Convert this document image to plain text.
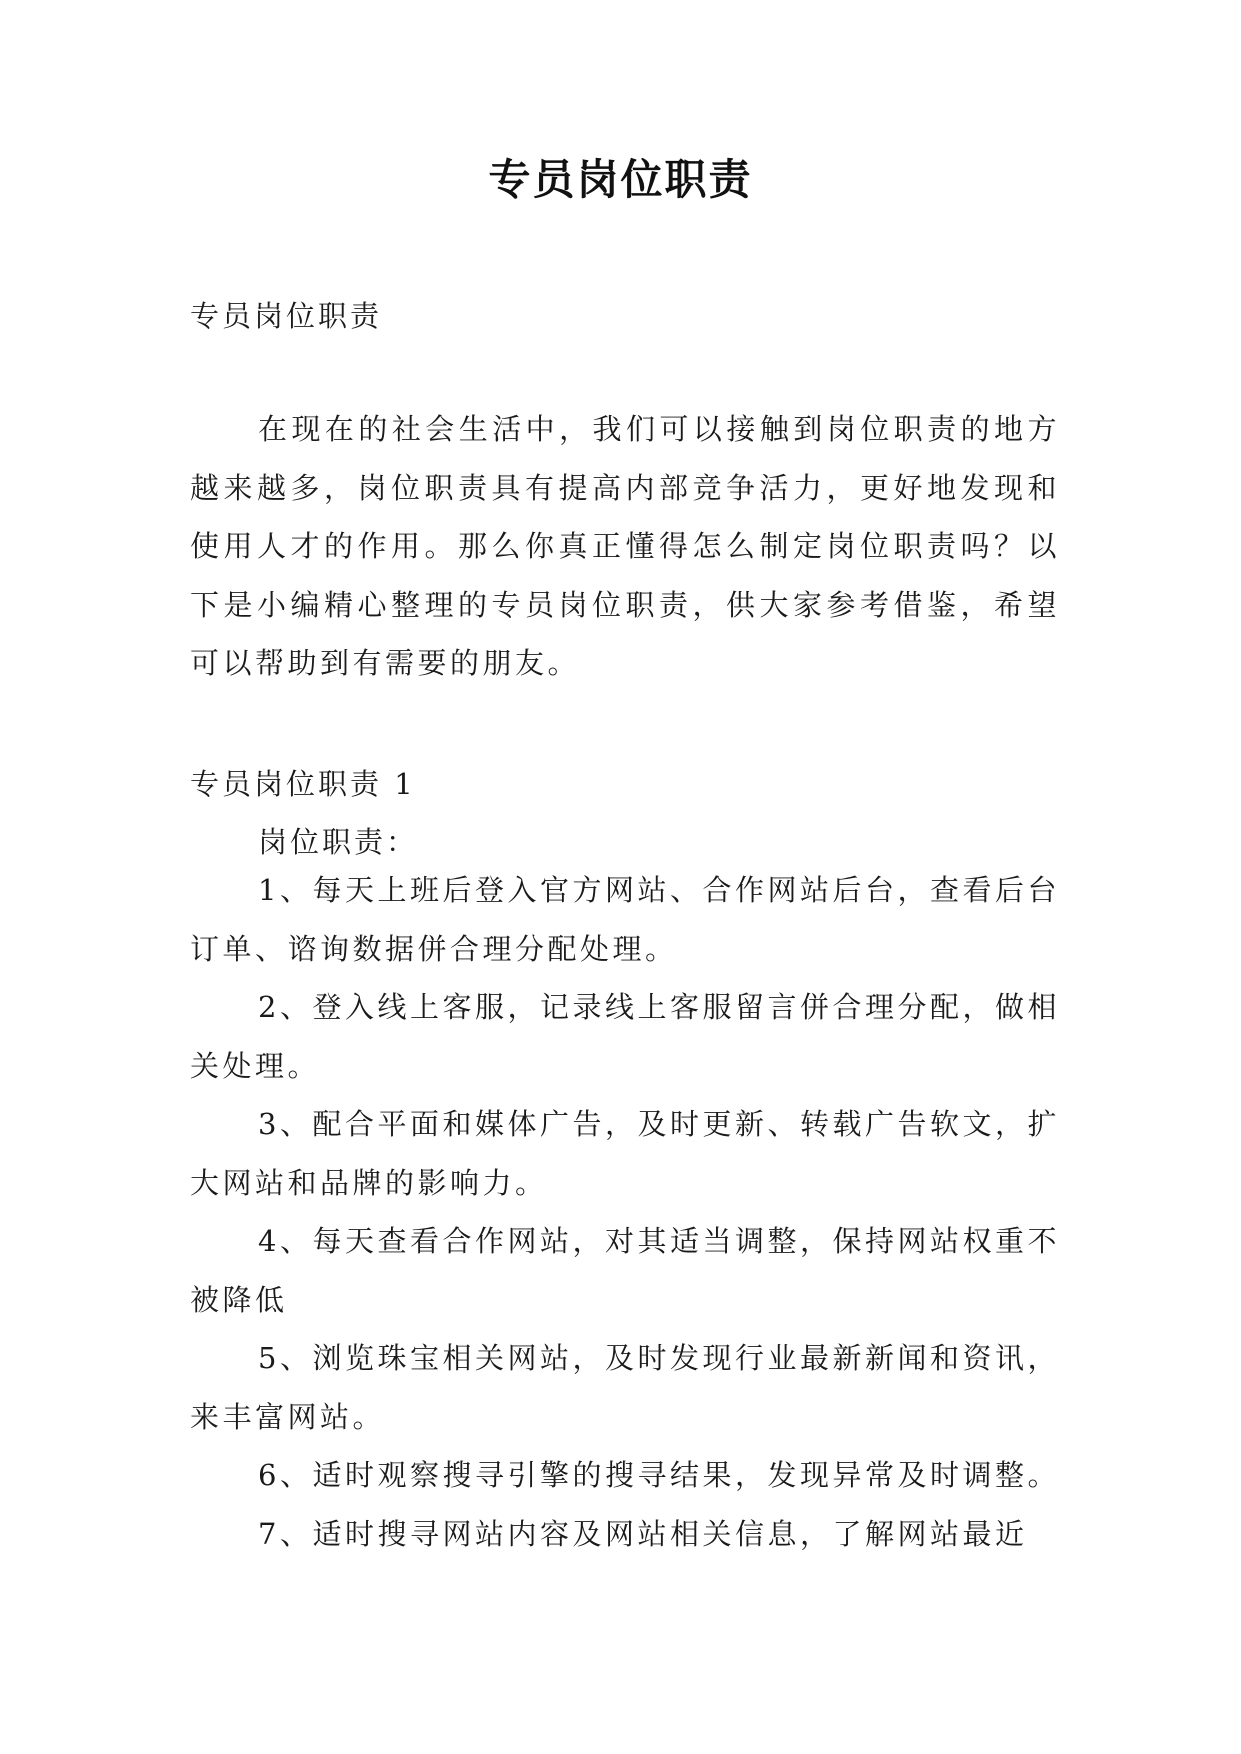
专员岗位职责

专员岗位职责

在现在的社会生活中，我们可以接触到岗位职责的地方越来越多，岗位职责具有提高内部竞争活力，更好地发现和使用人才的作用。那么你真正懂得怎么制定岗位职责吗？以下是小编精心整理的专员岗位职责，供大家参考借鉴，希望可以帮助到有需要的朋友。

专员岗位职责 1

岗位职责：

1、每天上班后登入官方网站、合作网站后台，查看后台订单、谘询数据併合理分配处理。

2、登入线上客服，记录线上客服留言併合理分配，做相关处理。

3、配合平面和媒体广告，及时更新、转载广告软文，扩大网站和品牌的影响力。

4、每天查看合作网站，对其适当调整，保持网站权重不被降低

5、浏览珠宝相关网站，及时发现行业最新新闻和资讯，来丰富网站。

6、适时观察搜寻引擎的搜寻结果，发现异常及时调整。

7、适时搜寻网站内容及网站相关信息，了解网站最近
